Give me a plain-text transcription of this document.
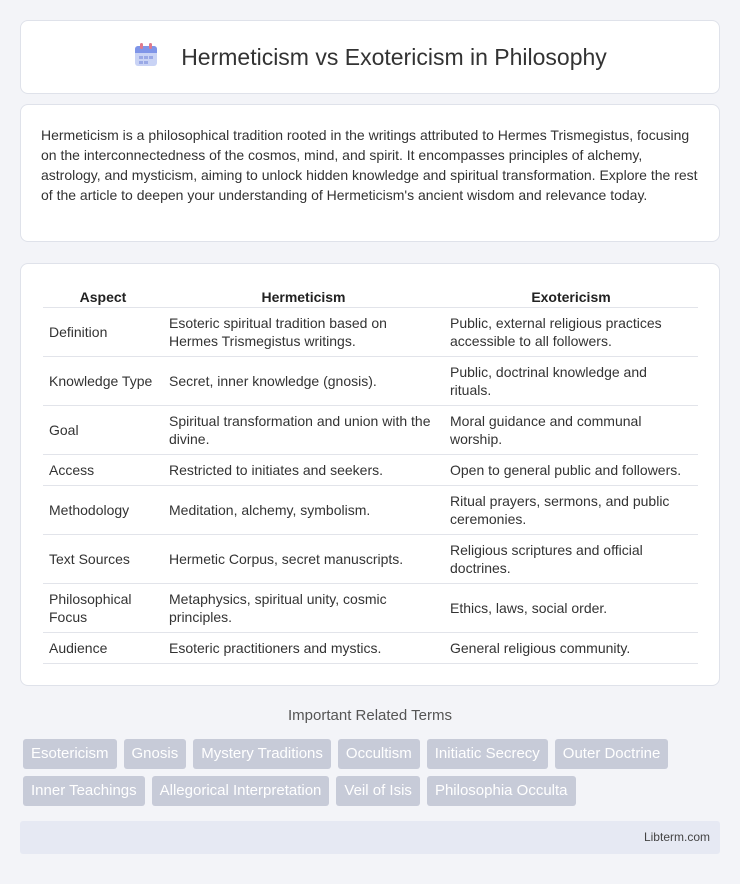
Hermeticism vs Exotericism in Philosophy

Hermeticism is a philosophical tradition rooted in the writings attributed to Hermes Trismegistus, focusing on the interconnectedness of the cosmos, mind, and spirit. It encompasses principles of alchemy, astrology, and mysticism, aiming to unlock hidden knowledge and spiritual transformation. Explore the rest of the article to deepen your understanding of Hermeticism's ancient wisdom and relevance today.

Aspect	Hermeticism	Exotericism
Definition	Esoteric spiritual tradition based on Hermes Trismegistus writings.	Public, external religious practices accessible to all followers.
Knowledge Type	Secret, inner knowledge (gnosis).	Public, doctrinal knowledge and rituals.
Goal	Spiritual transformation and union with the divine.	Moral guidance and communal worship.
Access	Restricted to initiates and seekers.	Open to general public and followers.
Methodology	Meditation, alchemy, symbolism.	Ritual prayers, sermons, and public ceremonies.
Text Sources	Hermetic Corpus, secret manuscripts.	Religious scriptures and official doctrines.
Philosophical Focus	Metaphysics, spiritual unity, cosmic principles.	Ethics, laws, social order.
Audience	Esoteric practitioners and mystics.	General religious community.
Important Related Terms
Esotericism	Gnosis	Mystery Traditions	Occultism	Initiatic Secrecy	Outer Doctrine
Inner Teachings	Allegorical Interpretation	Veil of Isis	Philosophia Occulta
Libterm.com
